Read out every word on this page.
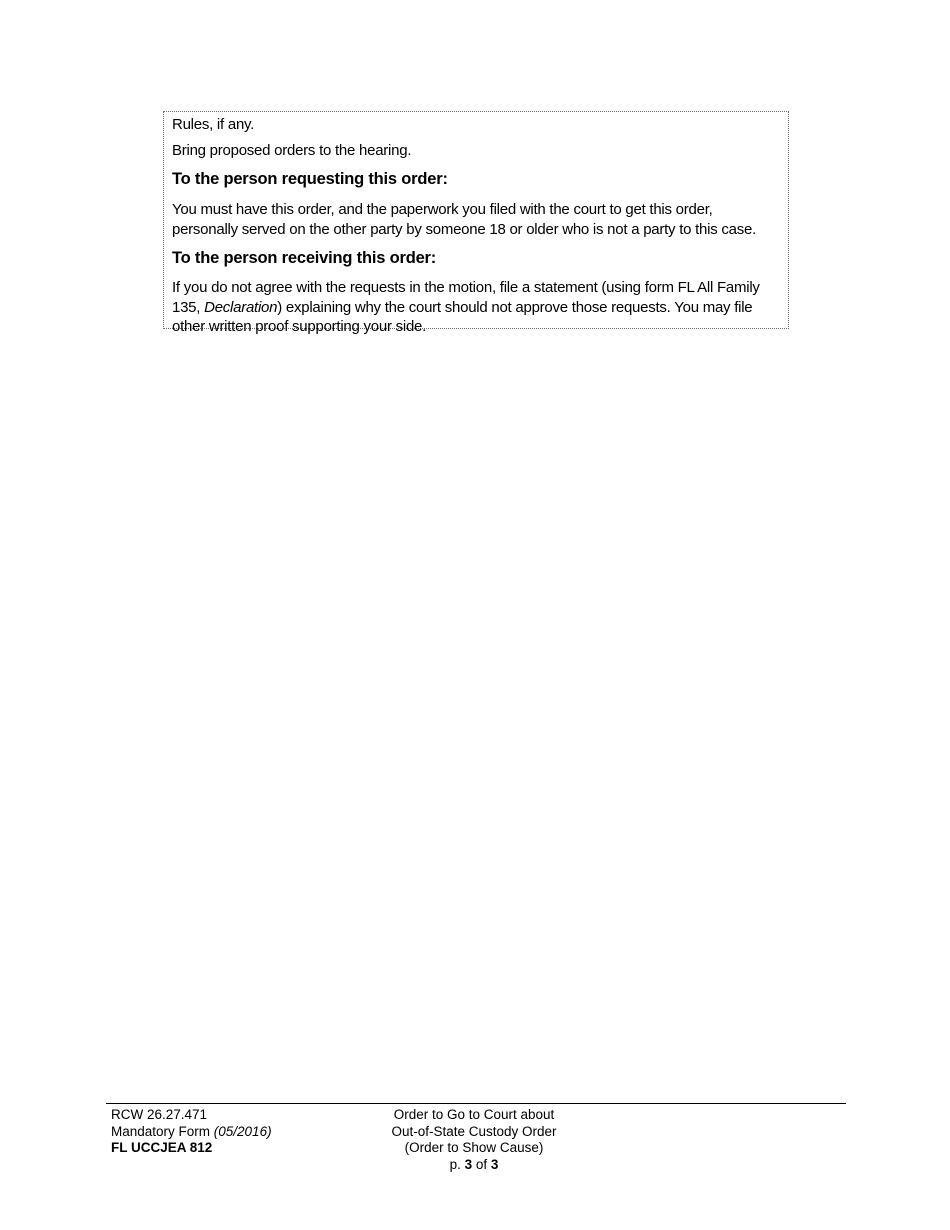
Rules, if any.

Bring proposed orders to the hearing.

To the person requesting this order:

You must have this order, and the paperwork you filed with the court to get this order, personally served on the other party by someone 18 or older who is not a party to this case.

To the person receiving this order:

If you do not agree with the requests in the motion, file a statement (using form FL All Family 135, Declaration) explaining why the court should not approve those requests. You may file other written proof supporting your side.

RCW 26.27.471
Mandatory Form (05/2016)
FL UCCJEA 812
Order to Go to Court about
Out-of-State Custody Order
(Order to Show Cause)
p. 3 of 3
